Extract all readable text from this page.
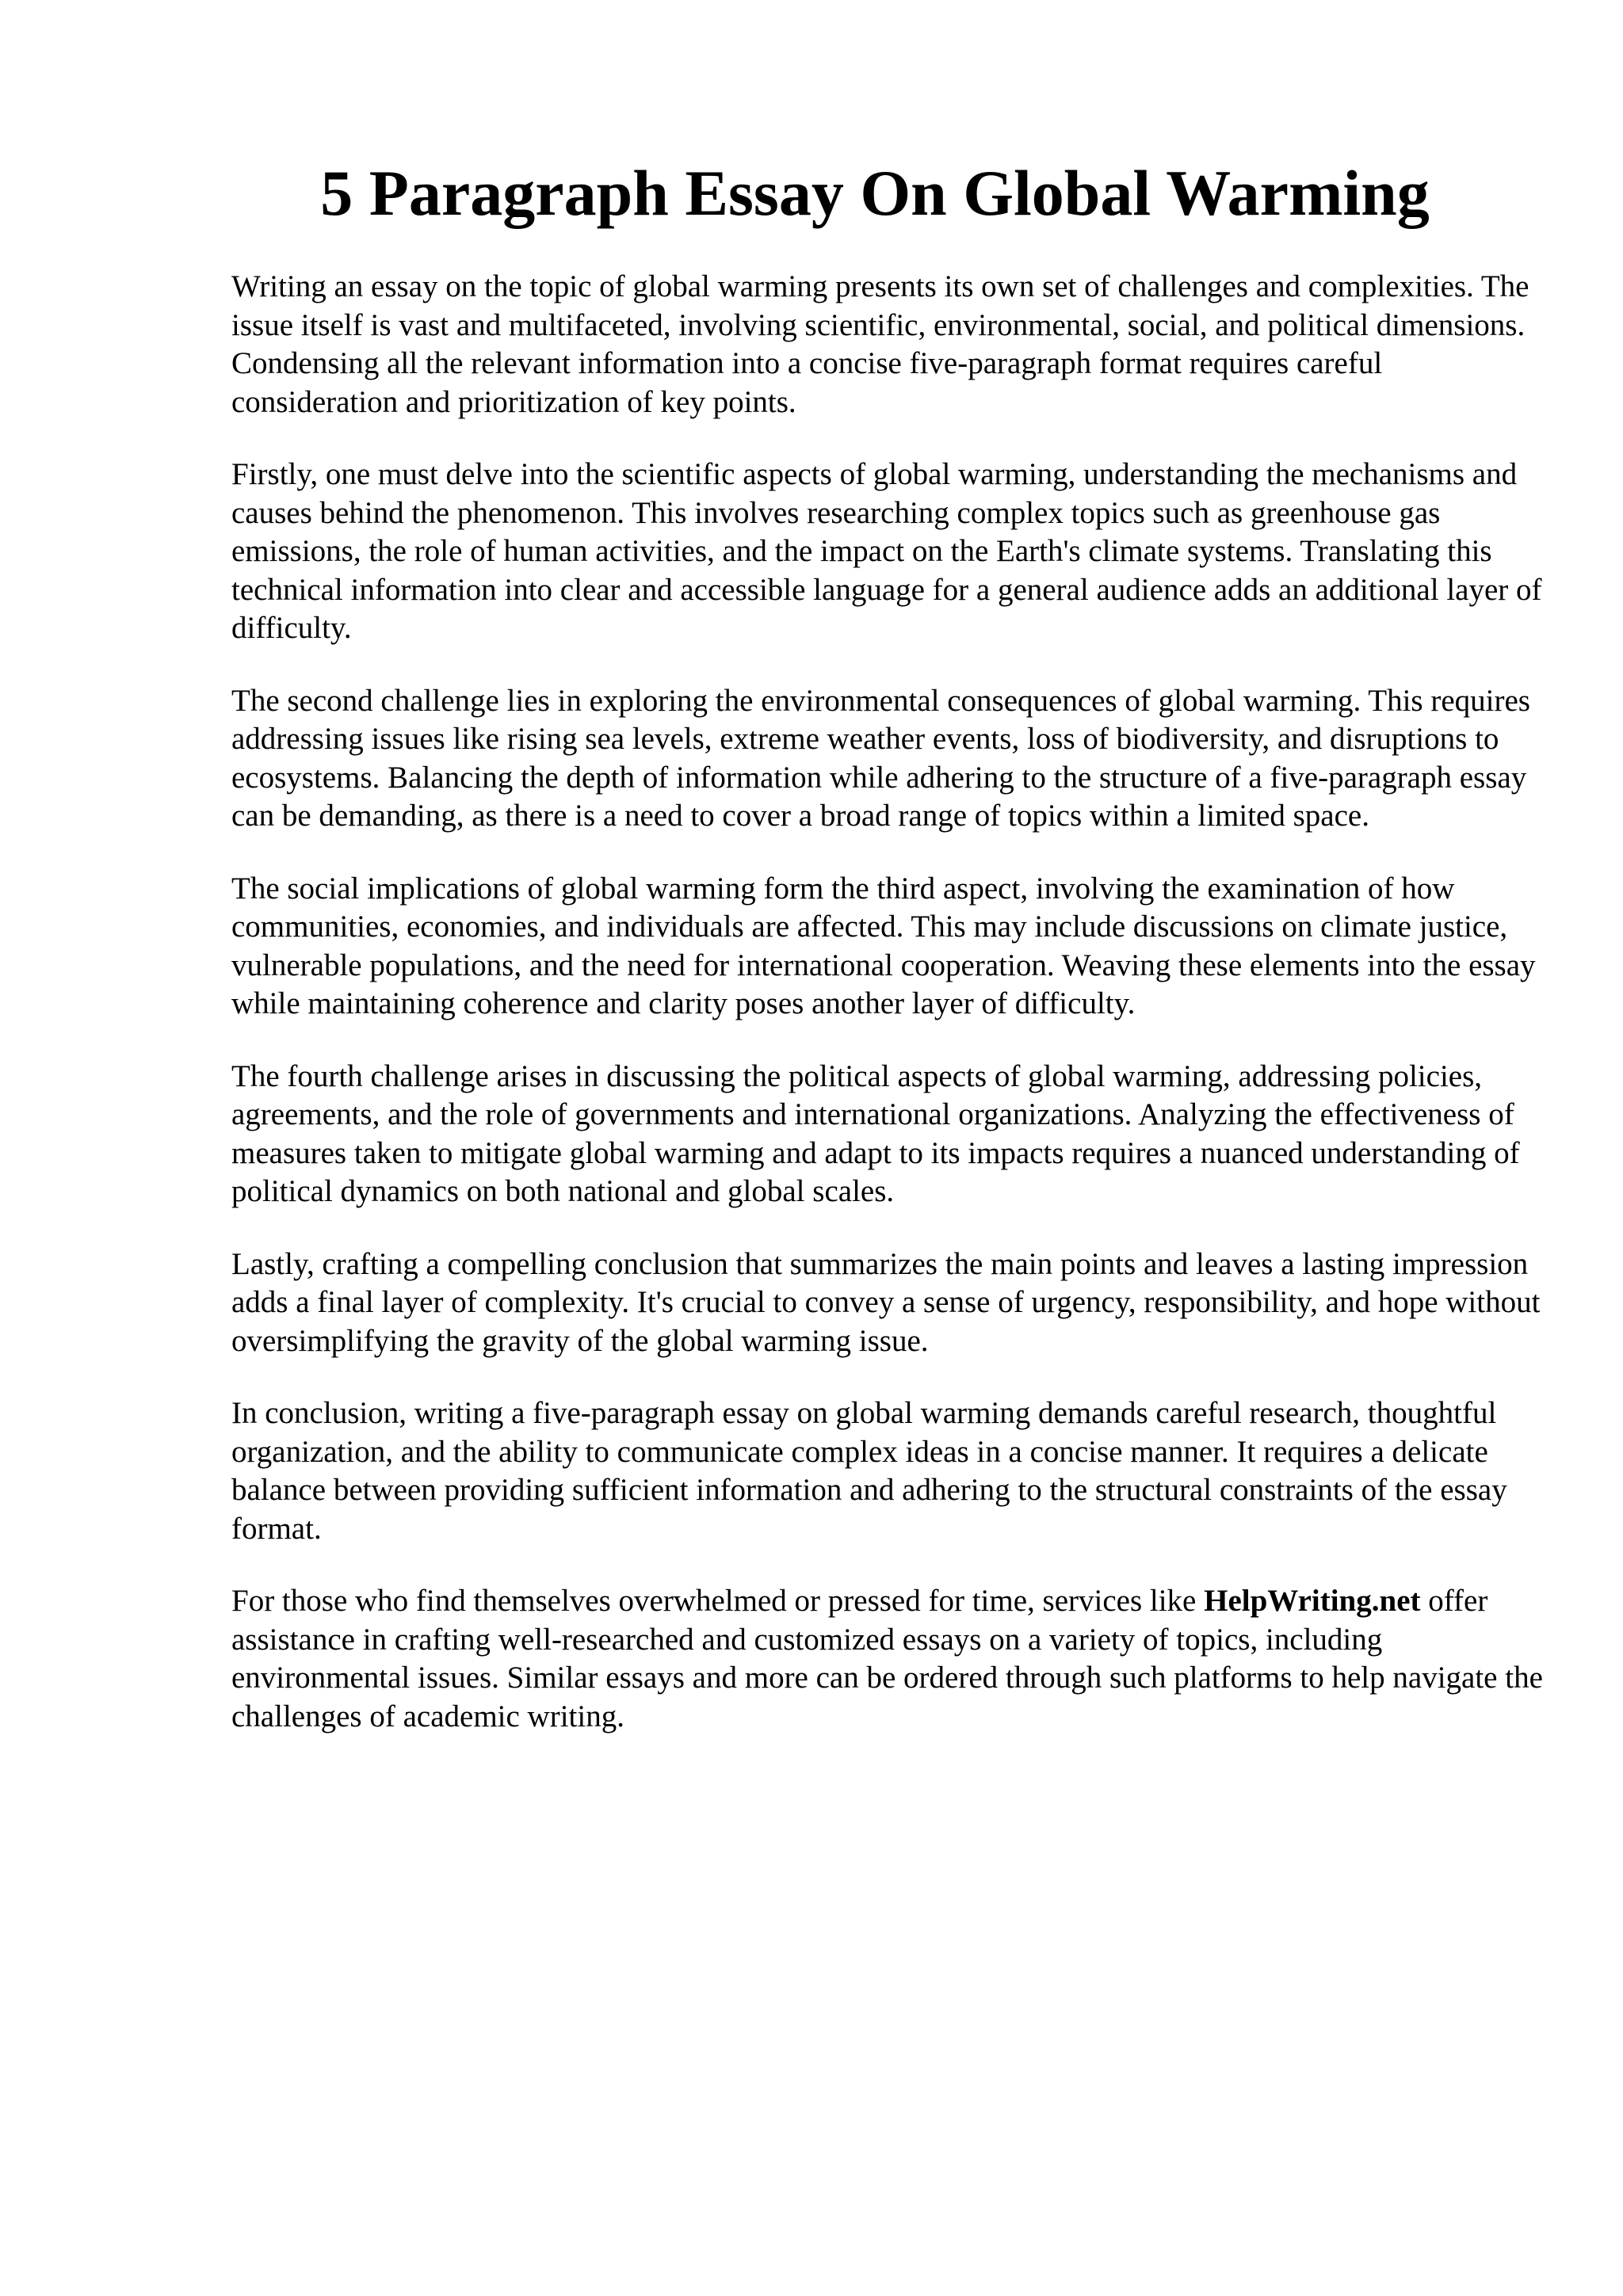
5 Paragraph Essay On Global Warming

Writing an essay on the topic of global warming presents its own set of challenges and complexities. The issue itself is vast and multifaceted, involving scientific, environmental, social, and political dimensions. Condensing all the relevant information into a concise five-paragraph format requires careful consideration and prioritization of key points.

Firstly, one must delve into the scientific aspects of global warming, understanding the mechanisms and causes behind the phenomenon. This involves researching complex topics such as greenhouse gas emissions, the role of human activities, and the impact on the Earth's climate systems. Translating this technical information into clear and accessible language for a general audience adds an additional layer of difficulty.

The second challenge lies in exploring the environmental consequences of global warming. This requires addressing issues like rising sea levels, extreme weather events, loss of biodiversity, and disruptions to ecosystems. Balancing the depth of information while adhering to the structure of a five-paragraph essay can be demanding, as there is a need to cover a broad range of topics within a limited space.

The social implications of global warming form the third aspect, involving the examination of how communities, economies, and individuals are affected. This may include discussions on climate justice, vulnerable populations, and the need for international cooperation. Weaving these elements into the essay while maintaining coherence and clarity poses another layer of difficulty.

The fourth challenge arises in discussing the political aspects of global warming, addressing policies, agreements, and the role of governments and international organizations. Analyzing the effectiveness of measures taken to mitigate global warming and adapt to its impacts requires a nuanced understanding of political dynamics on both national and global scales.

Lastly, crafting a compelling conclusion that summarizes the main points and leaves a lasting impression adds a final layer of complexity. It's crucial to convey a sense of urgency, responsibility, and hope without oversimplifying the gravity of the global warming issue.

In conclusion, writing a five-paragraph essay on global warming demands careful research, thoughtful organization, and the ability to communicate complex ideas in a concise manner. It requires a delicate balance between providing sufficient information and adhering to the structural constraints of the essay format.

For those who find themselves overwhelmed or pressed for time, services like HelpWriting.net offer assistance in crafting well-researched and customized essays on a variety of topics, including environmental issues. Similar essays and more can be ordered through such platforms to help navigate the challenges of academic writing.
